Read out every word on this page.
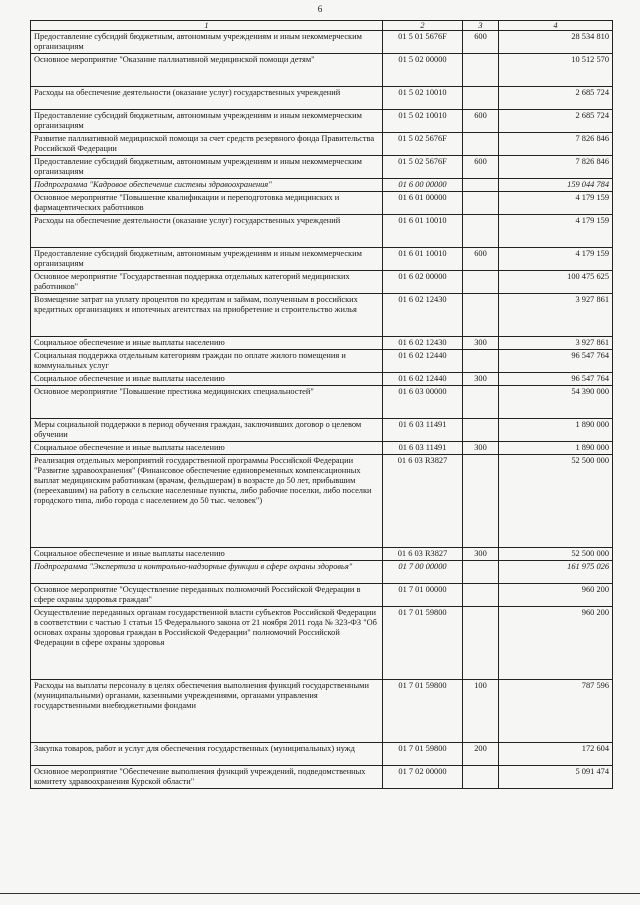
6
1	2	3	4
Предоставление субсидий бюджетным, автономным учреждениям и иным некоммерческим организациям	01 5 01 5676F	600	28 534 810
Основное мероприятие "Оказание паллиативной медицинской помощи детям"	01 5 02 00000		10 512 570
Расходы на обеспечение деятельности (оказание услуг) государственных учреждений	01 5 02 10010		2 685 724
Предоставление субсидий бюджетным, автономным учреждениям и иным некоммерческим организациям	01 5 02 10010	600	2 685 724
Развитие паллиативной медицинской помощи за счет средств резервного фонда Правительства Российской Федерации	01 5 02 5676F		7 826 846
Предоставление субсидий бюджетным, автономным учреждениям и иным некоммерческим организациям	01 5 02 5676F	600	7 826 846
Подпрограмма "Кадровое обеспечение системы здравоохранения"	01 6 00 00000		159 044 784
Основное мероприятие "Повышение квалификации и переподготовка медицинских и фармацевтических работников	01 6 01 00000		4 179 159
Расходы на обеспечение деятельности (оказание услуг) государственных учреждений	01 6 01 10010		4 179 159
Предоставление субсидий бюджетным, автономным учреждениям и иным некоммерческим организациям	01 6 01 10010	600	4 179 159
Основное мероприятие "Государственная поддержка отдельных категорий медицинских работников"	01 6 02 00000		100 475 625
Возмещение затрат на уплату процентов по кредитам и займам, полученным в российских кредитных организациях и ипотечных агентствах на приобретение и строительство жилья	01 6 02 12430		3 927 861
Социальное обеспечение и иные выплаты населению	01 6 02 12430	300	3 927 861
Социальная поддержка отдельным категориям граждан по оплате жилого помещения и коммунальных услуг	01 6 02 12440		96 547 764
Социальное обеспечение и иные выплаты населению	01 6 02 12440	300	96 547 764
Основное мероприятие "Повышение престижа медицинских специальностей"	01 6 03 00000		54 390 000
Меры социальной поддержки в период обучения граждан, заключивших договор о целевом обучении	01 6 03 11491		1 890 000
Социальное обеспечение и иные выплаты населению	01 6 03 11491	300	1 890 000
Реализация отдельных мероприятий государственной программы Российской Федерации "Развитие здравоохранения" (Финансовое обеспечение единовременных компенсационных выплат медицинским работникам (врачам, фельдшерам) в возрасте до 50 лет, прибывшим (переехавшим) на работу в сельские населенные пункты, либо рабочие поселки, либо поселки городского типа, либо города с населением до 50 тыс. человек")	01 6 03 R3827		52 500 000
Социальное обеспечение и иные выплаты населению	01 6 03 R3827	300	52 500 000
Подпрограмма "Экспертиза и контрольно-надзорные функции в сфере охраны здоровья"	01 7 00 00000		161 975 026
Основное мероприятие "Осуществление переданных полномочий Российской Федерации в сфере охраны здоровья граждан"	01 7 01 00000		960 200
Осуществление переданных органам государственной власти субъектов Российской Федерации в соответствии с частью 1 статьи 15 Федерального закона от 21 ноября 2011 года № 323-ФЗ "Об основах охраны здоровья граждан в Российской Федерации" полномочий Российской Федерации в сфере охраны здоровья	01 7 01 59800		960 200
Расходы на выплаты персоналу в целях обеспечения выполнения функций государственными (муниципальными) органами, казенными учреждениями, органами управления государственными внебюджетными фондами	01 7 01 59800	100	787 596
Закупка товаров, работ и услуг для обеспечения государственных (муниципальных) нужд	01 7 01 59800	200	172 604
Основное мероприятие "Обеспечение выполнения функций учреждений, подведомственных комитету здравоохранения Курской области"	01 7 02 00000		5 091 474
